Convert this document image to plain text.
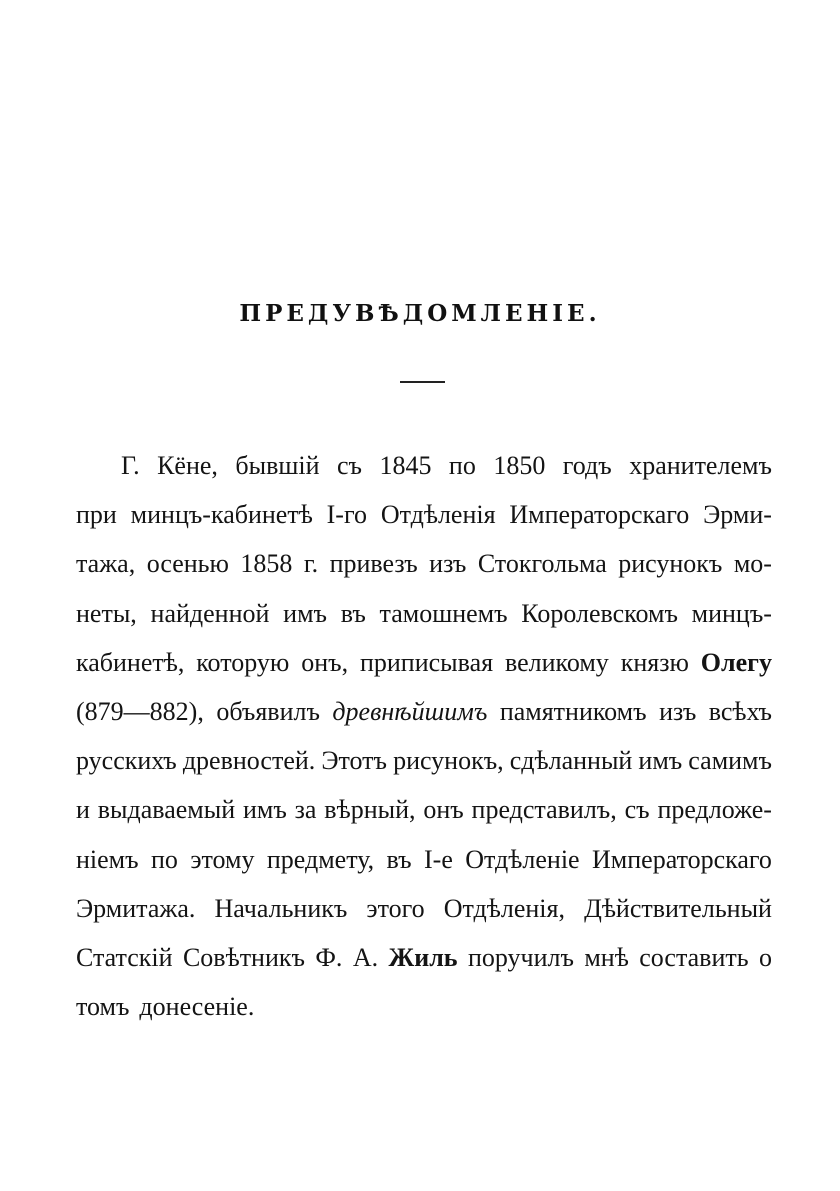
ПРЕДУВѢДОМЛЕНІЕ.
Г. Кёне, бывшій съ 1845 по 1850 годъ хранителемъ
при минцъ-кабинетѣ I-го Отдѣленія Императорскаго Эрми-
тажа, осенью 1858 г. привезъ изъ Стокгольма рисунокъ мо-
неты, найденной имъ въ тамошнемъ Королевскомъ минцъ-
кабинетѣ, которую онъ, приписывая великому князю Олегу
(879—882), объявилъ древнѣйшимъ памятникомъ изъ всѣхъ
русскихъ древностей. Этотъ рисунокъ, сдѣланный имъ самимъ
и выдаваемый имъ за вѣрный, онъ представилъ, съ предложе-
ніемъ по этому предмету, въ I-е Отдѣленіе Императорскаго
Эрмитажа. Начальникъ этого Отдѣленія, Дѣйствительный
Статскій Совѣтникъ Ф. А. Жиль поручилъ мнѣ составить о
томъ донесеніе.
